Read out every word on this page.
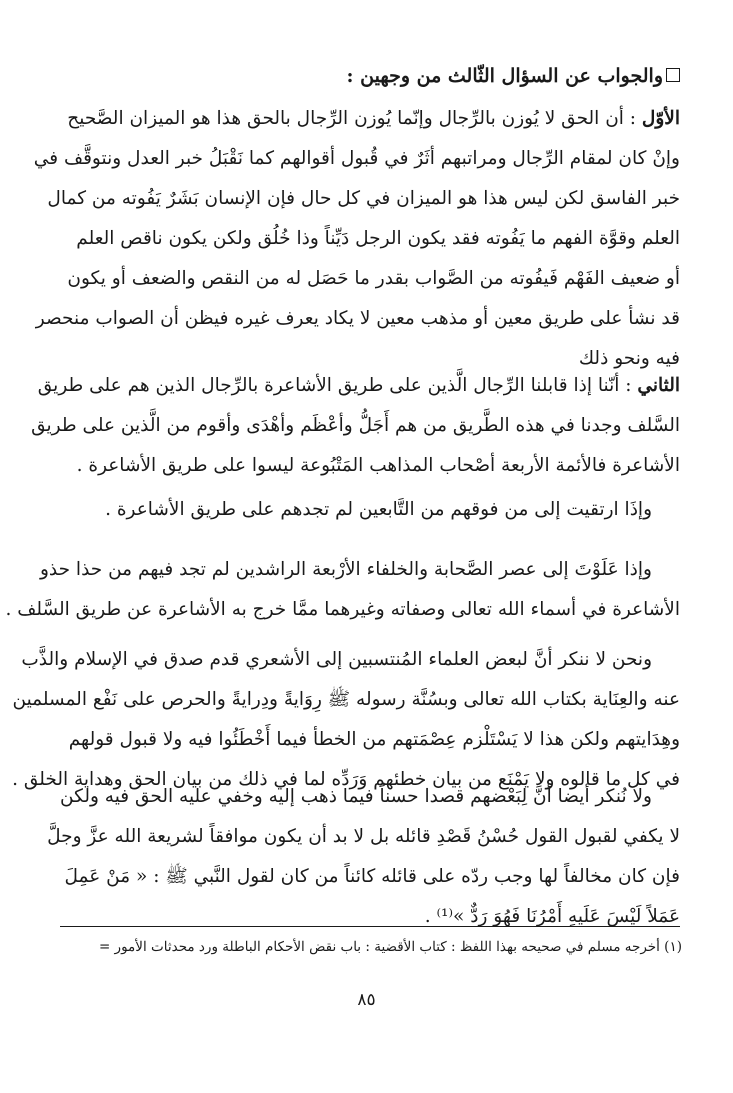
والجواب عن السؤال الثّالث من وجهين :
الأوّل : أن الحق لا يُوزن بالرِّجال وإنّما يُوزن الرِّجال بالحق هذا هو الميزان الصَّحيح
وإنْ كان لمقام الرِّجال ومراتبهم أثَرٌ في قُبول أقوالهم كما نَقْبَلُ خبر العدل ونتوقَّف في
خبر الفاسق لكن ليس هذا هو الميزان في كل حال فإن الإنسان بَشَرٌ يَفُوته من كمال
العلم وقوَّة الفهم ما يَفُوته فقد يكون الرجل دَيِّناً وذا خُلُق ولكن يكون ناقص العلم
أو ضعيف الفَهْم فَيفُوته من الصَّواب بقدر ما حَصَل له من النقص والضعف أو يكون
قد نشأ على طريق معين أو مذهب معين لا يكاد يعرف غيره فيظن أن الصواب منحصر
فيه ونحو ذلك
الثاني : أنّنا إذا قابلنا الرِّجال الَّذين على طريق الأشاعرة بالرِّجال الذين هم على طريق
السَّلف وجدنا في هذه الطَّريق من هم أَجَلُّ وأعْظَم وأهْدَى وأقوم من الَّذين على طريق
الأشاعرة فالأئمة الأربعة أصْحاب المذاهب المَتْبُوعة ليسوا على طريق الأشاعرة .
وإذَا ارتقيت إلى من فوقهم من التَّابعين لم تجدهم على طريق الأشاعرة .
وإذا عَلَوْتَ إلى عصر الصَّحابة والخلفاء الأرْبعة الراشدين لم تجد فيهم من حذا حذو
الأشاعرة في أسماء الله تعالى وصفاته وغيرهما ممَّا خرج به الأشاعرة عن طريق السَّلف .
ونحن لا ننكر أنَّ لبعض العلماء المُنتسبين إلى الأشعري قدم صدق في الإسلام والذَّب
عنه والعِنَاية بكتاب الله تعالى وبسُنَّة رسوله ﷺ رِوَايةً ودِرايةً والحرص على نَفْع المسلمين
وهِدَايتهم ولكن هذا لا يَسْتَلْزم عِصْمَتهم من الخطأ فيما أَخْطَئُوا فيه ولا قبول قولهم
في كل ما قالوه ولا يَمْنَع من بيان خطئهم وَرَدِّه لما في ذلك من بيان الحق وهداية الخلق .
ولا نُنكر أيضا أنَّ لِبَعْضهم قصدا حسناً فيما ذهب إليه وخفي عليه الحق فيه ولكن
لا يكفي لقبول القول حُسْنُ قَصْدِ قائله بل لا بد أن يكون موافقاً لشريعة الله عزَّ وجلَّ
فإن كان مخالفاً لها وجب ردّه على قائله كائناً من كان لقول النَّبي ﷺ : « مَنْ عَمِلَ
عَمَلاً لَيْسَ عَلَيهِ أَمْرُنَا فَهُوَ رَدٌّ »⁽¹⁾ .
(١) أخرجه مسلم في صحيحه بهذا اللفظ : كتاب الأقضية : باب نقض الأحكام الباطلة ورد محدثات الأمور =
٨٥
